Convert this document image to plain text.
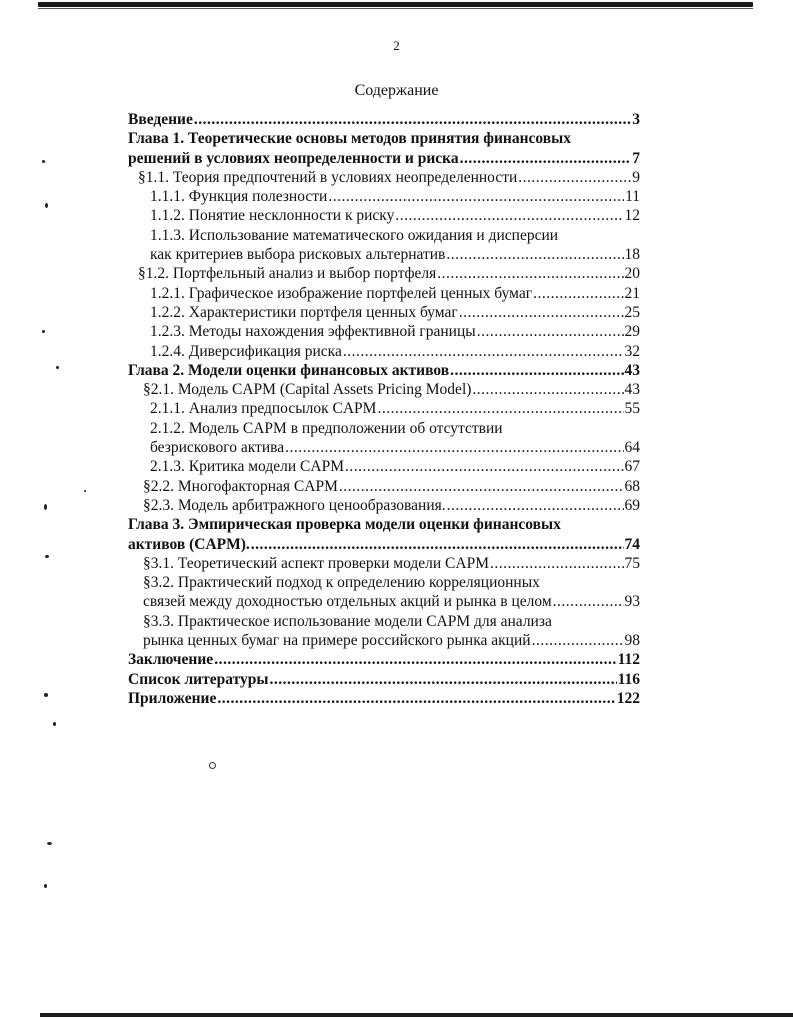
2
Содержание
Введение .....	3
Глава 1. Теоретические основы методов принятия финансовых
решений в условиях неопределенности и риска .....	7
§1.1. Теория предпочтений в условиях неопределенности .....	9
1.1.1. Функция полезности .....	11
1.1.2. Понятие несклонности к риску .....	12
1.1.3. Использование математического ожидания и дисперсии
как критериев выбора рисковых альтернатив .....	18
§1.2. Портфельный анализ и выбор портфеля .....	20
1.2.1. Графическое изображение портфелей ценных бумаг .....	21
1.2.2. Характеристики портфеля ценных бумаг .....	25
1.2.3. Методы нахождения эффективной границы .....	29
1.2.4. Диверсификация риска .....	32
Глава 2. Модели оценки финансовых активов .....	43
§2.1. Модель CAPM (Capital Assets Pricing Model) .....	43
2.1.1. Анализ предпосылок CAPM .....	55
2.1.2. Модель CAPM в предположении об отсутствии
безрискового актива .....	64
2.1.3. Критика модели CAPM .....	67
§2.2. Многофакторная CAPM .....	68
§2.3. Модель арбитражного ценообразования. .....	69
Глава 3. Эмпирическая проверка модели оценки финансовых
активов (CAPM). .....	74
§3.1. Теоретический аспект проверки модели CAPM .....	75
§3.2. Практический подход к определению корреляционных
связей между доходностью отдельных акций и рынка в целом .....	93
§3.3. Практическое использование модели CAPM для анализа
рынка ценных бумаг на примере российского рынка акций .....	98
Заключение .....	112
Список литературы .....	116
Приложение .....	122
